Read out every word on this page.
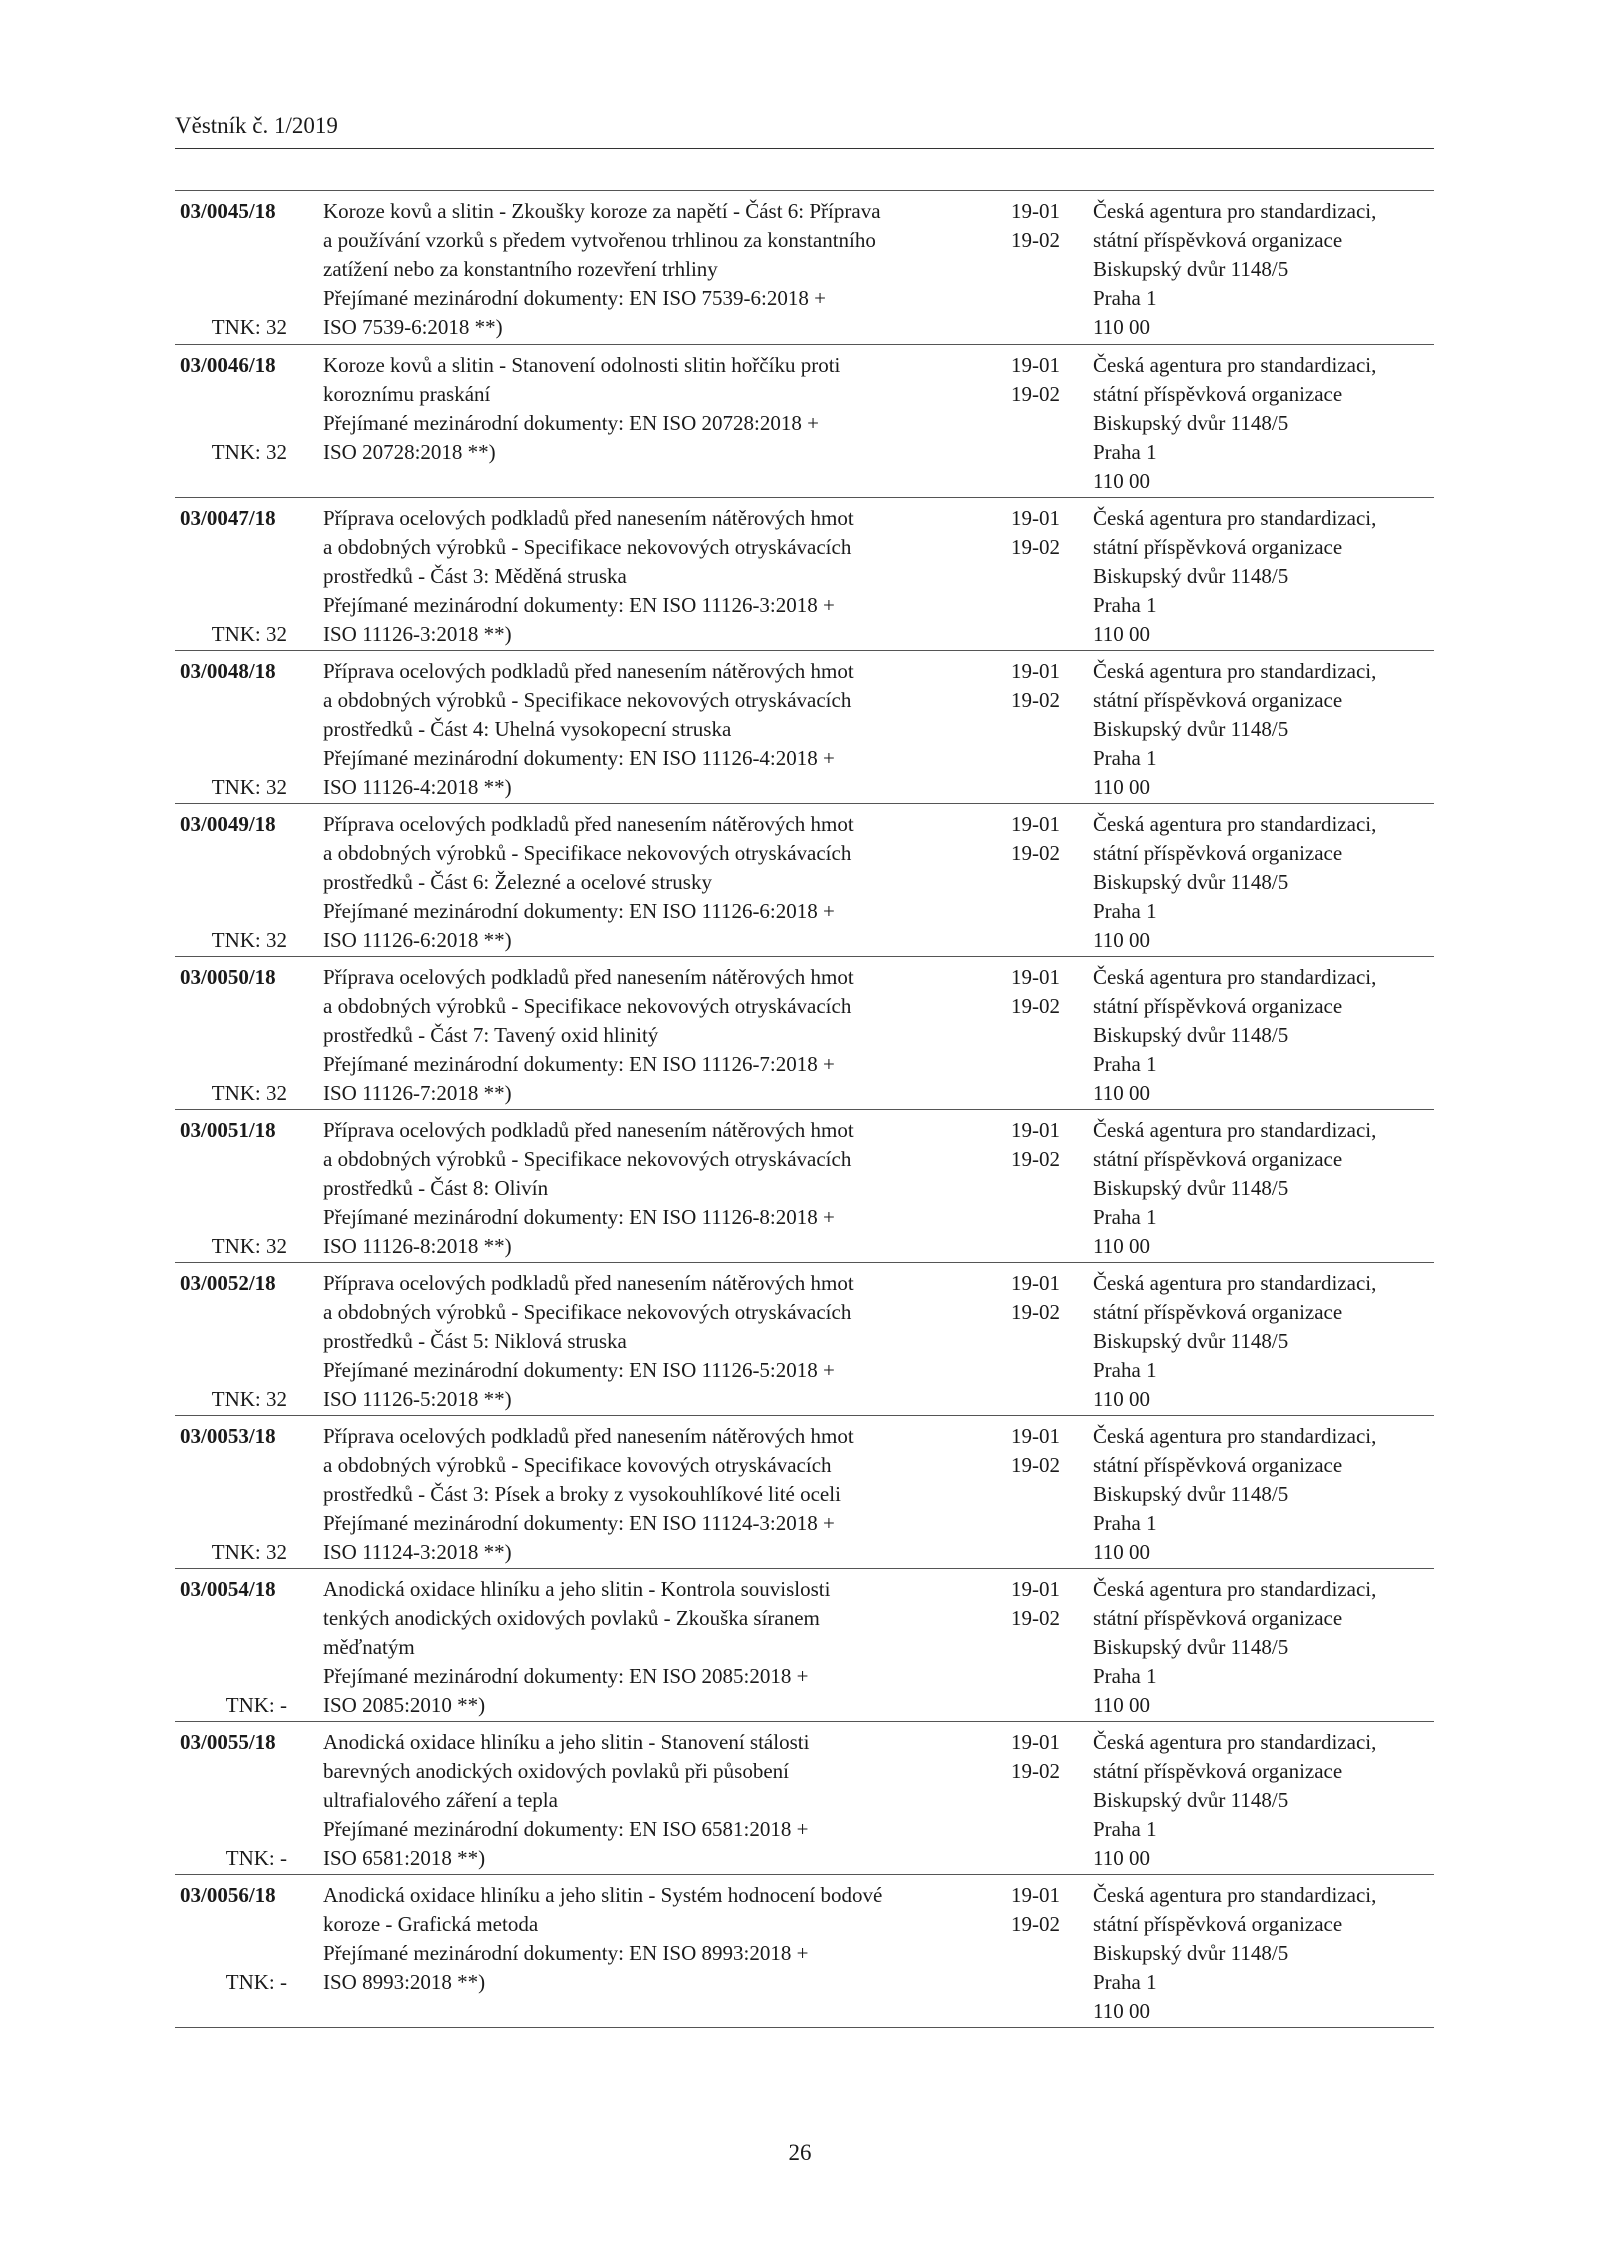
Věstník č. 1/2019
03/0045/18
TNK: 32
Koroze kovů a slitin - Zkoušky koroze za napětí - Část 6: Příprava
a používání vzorků s předem vytvořenou trhlinou za konstantního
zatížení nebo za konstantního rozevření trhliny
Přejímané mezinárodní dokumenty: EN ISO 7539-6:2018 +
ISO 7539-6:2018 **)
19-01
19-02
Česká agentura pro standardizaci,
státní příspěvková organizace
Biskupský dvůr 1148/5
Praha 1
110 00
03/0046/18
TNK: 32
Koroze kovů a slitin - Stanovení odolnosti slitin hořčíku proti
koroznímu praskání
Přejímané mezinárodní dokumenty: EN ISO 20728:2018 +
ISO 20728:2018 **)
19-01
19-02
Česká agentura pro standardizaci,
státní příspěvková organizace
Biskupský dvůr 1148/5
Praha 1
110 00
03/0047/18
TNK: 32
Příprava ocelových podkladů před nanesením nátěrových hmot
a obdobných výrobků - Specifikace nekovových otryskávacích
prostředků - Část 3: Měděná struska
Přejímané mezinárodní dokumenty: EN ISO 11126-3:2018 +
ISO 11126-3:2018 **)
19-01
19-02
Česká agentura pro standardizaci,
státní příspěvková organizace
Biskupský dvůr 1148/5
Praha 1
110 00
03/0048/18
TNK: 32
Příprava ocelových podkladů před nanesením nátěrových hmot
a obdobných výrobků - Specifikace nekovových otryskávacích
prostředků - Část 4: Uhelná vysokopecní struska
Přejímané mezinárodní dokumenty: EN ISO 11126-4:2018 +
ISO 11126-4:2018 **)
19-01
19-02
Česká agentura pro standardizaci,
státní příspěvková organizace
Biskupský dvůr 1148/5
Praha 1
110 00
03/0049/18
TNK: 32
Příprava ocelových podkladů před nanesením nátěrových hmot
a obdobných výrobků - Specifikace nekovových otryskávacích
prostředků - Část 6: Železné a ocelové strusky
Přejímané mezinárodní dokumenty: EN ISO 11126-6:2018 +
ISO 11126-6:2018 **)
19-01
19-02
Česká agentura pro standardizaci,
státní příspěvková organizace
Biskupský dvůr 1148/5
Praha 1
110 00
03/0050/18
TNK: 32
Příprava ocelových podkladů před nanesením nátěrových hmot
a obdobných výrobků - Specifikace nekovových otryskávacích
prostředků - Část 7: Tavený oxid hlinitý
Přejímané mezinárodní dokumenty: EN ISO 11126-7:2018 +
ISO 11126-7:2018 **)
19-01
19-02
Česká agentura pro standardizaci,
státní příspěvková organizace
Biskupský dvůr 1148/5
Praha 1
110 00
03/0051/18
TNK: 32
Příprava ocelových podkladů před nanesením nátěrových hmot
a obdobných výrobků - Specifikace nekovových otryskávacích
prostředků - Část 8: Olivín
Přejímané mezinárodní dokumenty: EN ISO 11126-8:2018 +
ISO 11126-8:2018 **)
19-01
19-02
Česká agentura pro standardizaci,
státní příspěvková organizace
Biskupský dvůr 1148/5
Praha 1
110 00
03/0052/18
TNK: 32
Příprava ocelových podkladů před nanesením nátěrových hmot
a obdobných výrobků - Specifikace nekovových otryskávacích
prostředků - Část 5: Niklová struska
Přejímané mezinárodní dokumenty: EN ISO 11126-5:2018 +
ISO 11126-5:2018 **)
19-01
19-02
Česká agentura pro standardizaci,
státní příspěvková organizace
Biskupský dvůr 1148/5
Praha 1
110 00
03/0053/18
TNK: 32
Příprava ocelových podkladů před nanesením nátěrových hmot
a obdobných výrobků - Specifikace kovových otryskávacích
prostředků - Část 3: Písek a broky z vysokouhlíkové lité oceli
Přejímané mezinárodní dokumenty: EN ISO 11124-3:2018 +
ISO 11124-3:2018 **)
19-01
19-02
Česká agentura pro standardizaci,
státní příspěvková organizace
Biskupský dvůr 1148/5
Praha 1
110 00
03/0054/18
TNK: -
Anodická oxidace hliníku a jeho slitin - Kontrola souvislosti
tenkých anodických oxidových povlaků - Zkouška síranem
měďnatým
Přejímané mezinárodní dokumenty: EN ISO 2085:2018 +
ISO 2085:2010 **)
19-01
19-02
Česká agentura pro standardizaci,
státní příspěvková organizace
Biskupský dvůr 1148/5
Praha 1
110 00
03/0055/18
TNK: -
Anodická oxidace hliníku a jeho slitin - Stanovení stálosti
barevných anodických oxidových povlaků při působení
ultrafialového záření a tepla
Přejímané mezinárodní dokumenty: EN ISO 6581:2018 +
ISO 6581:2018 **)
19-01
19-02
Česká agentura pro standardizaci,
státní příspěvková organizace
Biskupský dvůr 1148/5
Praha 1
110 00
03/0056/18
TNK: -
Anodická oxidace hliníku a jeho slitin - Systém hodnocení bodové
koroze - Grafická metoda
Přejímané mezinárodní dokumenty: EN ISO 8993:2018 +
ISO 8993:2018 **)
19-01
19-02
Česká agentura pro standardizaci,
státní příspěvková organizace
Biskupský dvůr 1148/5
Praha 1
110 00
26
